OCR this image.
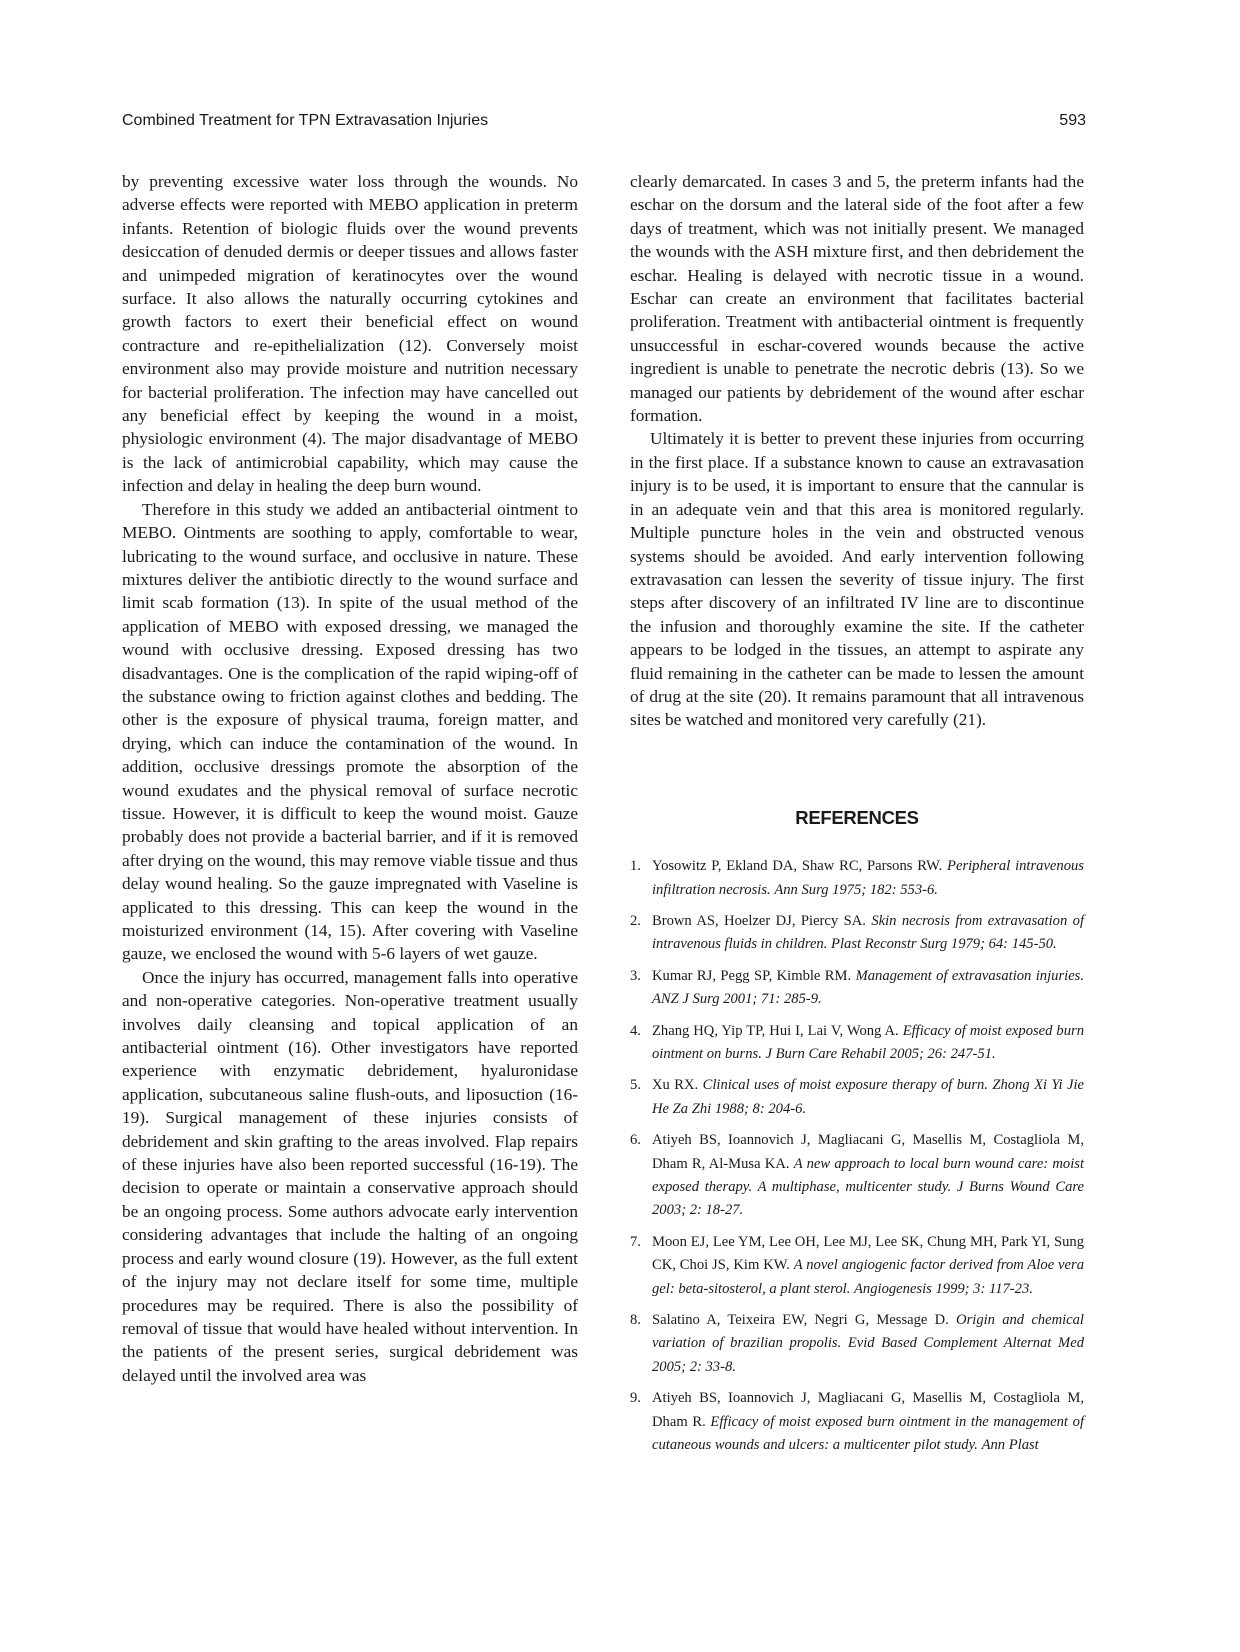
Combined Treatment for TPN Extravasation Injuries	593

by preventing excessive water loss through the wounds. No adverse effects were reported with MEBO application in preterm infants. Retention of biologic fluids over the wound prevents desiccation of denuded dermis or deeper tissues and allows faster and unimpeded migration of keratinocytes over the wound surface. It also allows the naturally occurring cytokines and growth factors to exert their beneficial effect on wound contracture and re-epithelialization (12). Conversely moist environment also may provide moisture and nutrition necessary for bacterial proliferation. The infection may have cancelled out any beneficial effect by keeping the wound in a moist, physiologic environment (4). The major disadvantage of MEBO is the lack of antimicrobial capability, which may cause the infection and delay in healing the deep burn wound.

Therefore in this study we added an antibacterial ointment to MEBO. Ointments are soothing to apply, comfortable to wear, lubricating to the wound surface, and occlusive in nature. These mixtures deliver the antibiotic directly to the wound surface and limit scab formation (13). In spite of the usual method of the application of MEBO with exposed dressing, we managed the wound with occlusive dressing. Exposed dressing has two disadvantages. One is the complication of the rapid wiping-off of the substance owing to friction against clothes and bedding. The other is the exposure of physical trauma, foreign matter, and drying, which can induce the contamination of the wound. In addition, occlusive dressings promote the absorption of the wound exudates and the physical removal of surface necrotic tissue. However, it is difficult to keep the wound moist. Gauze probably does not provide a bacterial barrier, and if it is removed after drying on the wound, this may remove viable tissue and thus delay wound healing. So the gauze impregnated with Vaseline is applicated to this dressing. This can keep the wound in the moisturized environment (14, 15). After covering with Vaseline gauze, we enclosed the wound with 5-6 layers of wet gauze.

Once the injury has occurred, management falls into operative and non-operative categories. Non-operative treatment usually involves daily cleansing and topical application of an antibacterial ointment (16). Other investigators have reported experience with enzymatic debridement, hyaluronidase application, subcutaneous saline flush-outs, and liposuction (16-19). Surgical management of these injuries consists of debridement and skin grafting to the areas involved. Flap repairs of these injuries have also been reported successful (16-19). The decision to operate or maintain a conservative approach should be an ongoing process. Some authors advocate early intervention considering advantages that include the halting of an ongoing process and early wound closure (19). However, as the full extent of the injury may not declare itself for some time, multiple procedures may be required. There is also the possibility of removal of tissue that would have healed without intervention. In the patients of the present series, surgical debridement was delayed until the involved area was

clearly demarcated. In cases 3 and 5, the preterm infants had the eschar on the dorsum and the lateral side of the foot after a few days of treatment, which was not initially present. We managed the wounds with the ASH mixture first, and then debridement the eschar. Healing is delayed with necrotic tissue in a wound. Eschar can create an environment that facilitates bacterial proliferation. Treatment with antibacterial ointment is frequently unsuccessful in eschar-covered wounds because the active ingredient is unable to penetrate the necrotic debris (13). So we managed our patients by debridement of the wound after eschar formation.

Ultimately it is better to prevent these injuries from occurring in the first place. If a substance known to cause an extravasation injury is to be used, it is important to ensure that the cannular is in an adequate vein and that this area is monitored regularly. Multiple puncture holes in the vein and obstructed venous systems should be avoided. And early intervention following extravasation can lessen the severity of tissue injury. The first steps after discovery of an infiltrated IV line are to discontinue the infusion and thoroughly examine the site. If the catheter appears to be lodged in the tissues, an attempt to aspirate any fluid remaining in the catheter can be made to lessen the amount of drug at the site (20). It remains paramount that all intravenous sites be watched and monitored very carefully (21).

REFERENCES
1. Yosowitz P, Ekland DA, Shaw RC, Parsons RW. Peripheral intravenous infiltration necrosis. Ann Surg 1975; 182: 553-6.
2. Brown AS, Hoelzer DJ, Piercy SA. Skin necrosis from extravasation of intravenous fluids in children. Plast Reconstr Surg 1979; 64: 145-50.
3. Kumar RJ, Pegg SP, Kimble RM. Management of extravasation injuries. ANZ J Surg 2001; 71: 285-9.
4. Zhang HQ, Yip TP, Hui I, Lai V, Wong A. Efficacy of moist exposed burn ointment on burns. J Burn Care Rehabil 2005; 26: 247-51.
5. Xu RX. Clinical uses of moist exposure therapy of burn. Zhong Xi Yi Jie He Za Zhi 1988; 8: 204-6.
6. Atiyeh BS, Ioannovich J, Magliacani G, Masellis M, Costagliola M, Dham R, Al-Musa KA. A new approach to local burn wound care: moist exposed therapy. A multiphase, multicenter study. J Burns Wound Care 2003; 2: 18-27.
7. Moon EJ, Lee YM, Lee OH, Lee MJ, Lee SK, Chung MH, Park YI, Sung CK, Choi JS, Kim KW. A novel angiogenic factor derived from Aloe vera gel: beta-sitosterol, a plant sterol. Angiogenesis 1999; 3: 117-23.
8. Salatino A, Teixeira EW, Negri G, Message D. Origin and chemical variation of brazilian propolis. Evid Based Complement Alternat Med 2005; 2: 33-8.
9. Atiyeh BS, Ioannovich J, Magliacani G, Masellis M, Costagliola M, Dham R. Efficacy of moist exposed burn ointment in the management of cutaneous wounds and ulcers: a multicenter pilot study. Ann Plast
